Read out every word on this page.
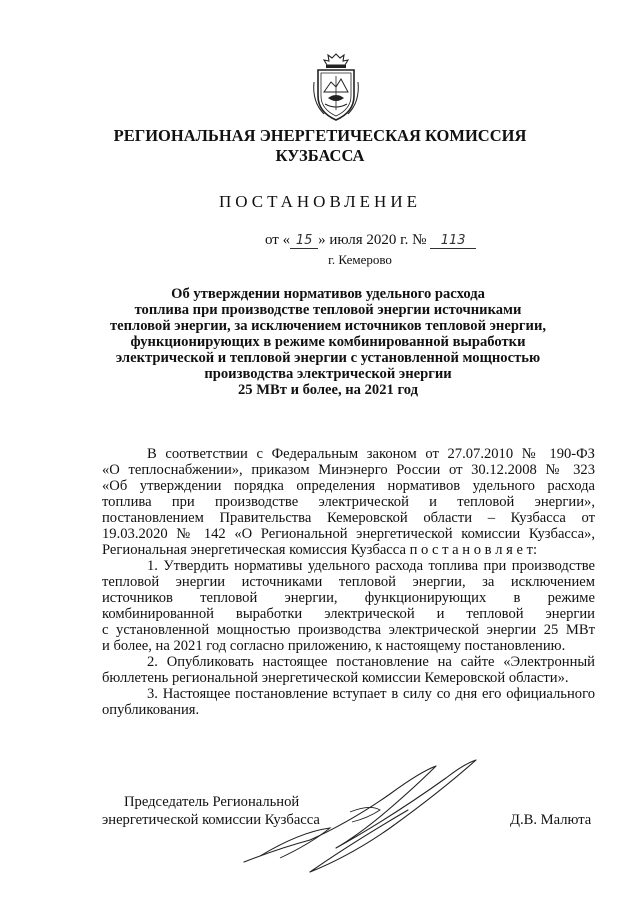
РЕГИОНАЛЬНАЯ ЭНЕРГЕТИЧЕСКАЯ КОМИССИЯ
КУЗБАССА
ПОСТАНОВЛЕНИЕ
от « 15 » июля 2020 г. № 113
г. Кемерово
Об утверждении нормативов удельного расхода
топлива при производстве тепловой энергии источниками
тепловой энергии, за исключением источников тепловой энергии,
функционирующих в режиме комбинированной выработки
электрической и тепловой энергии с установленной мощностью
производства электрической энергии
25 МВт и более, на 2021 год
В соответствии с Федеральным законом от 27.07.2010 № 190-ФЗ
«О теплоснабжении», приказом Минэнерго России от 30.12.2008 № 323
«Об утверждении порядка определения нормативов удельного расхода
топлива при производстве электрической и тепловой энергии»,
постановлением Правительства Кемеровской области – Кузбасса от
19.03.2020 № 142 «О Региональной энергетической комиссии Кузбасса»,
Региональная энергетическая комиссия Кузбасса п о с т а н о в л я е т:
1. Утвердить нормативы удельного расхода топлива при производстве
тепловой энергии источниками тепловой энергии, за исключением
источников тепловой энергии, функционирующих в режиме
комбинированной выработки электрической и тепловой энергии
с установленной мощностью производства электрической энергии 25 МВт
и более, на 2021 год согласно приложению, к настоящему постановлению.
2. Опубликовать настоящее постановление на сайте «Электронный
бюллетень региональной энергетической комиссии Кемеровской области».
3. Настоящее постановление вступает в силу со дня его официального
опубликования.
Председатель Региональной
энергетической комиссии Кузбасса	Д.В. Малюта
